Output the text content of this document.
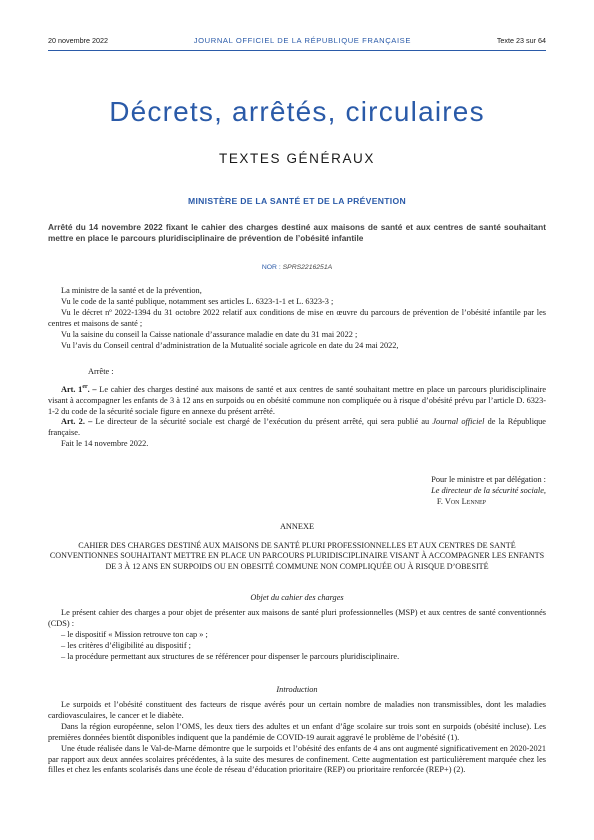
20 novembre 2022	JOURNAL OFFICIEL DE LA RÉPUBLIQUE FRANÇAISE	Texte 23 sur 64
Décrets, arrêtés, circulaires
TEXTES GÉNÉRAUX
MINISTÈRE DE LA SANTÉ ET DE LA PRÉVENTION
Arrêté du 14 novembre 2022 fixant le cahier des charges destiné aux maisons de santé et aux centres de santé souhaitant mettre en place le parcours pluridisciplinaire de prévention de l’obésité infantile
NOR : SPRS2216251A

La ministre de la santé et de la prévention,

Vu le code de la santé publique, notamment ses articles L. 6323-1-1 et L. 6323-3 ;

Vu le décret nº 2022-1394 du 31 octobre 2022 relatif aux conditions de mise en œuvre du parcours de prévention de l’obésité infantile par les centres et maisons de santé ;

Vu la saisine du conseil la Caisse nationale d’assurance maladie en date du 31 mai 2022 ;

Vu l’avis du Conseil central d’administration de la Mutualité sociale agricole en date du 24 mai 2022,

Arrête :

Art. 1er. – Le cahier des charges destiné aux maisons de santé et aux centres de santé souhaitant mettre en place un parcours pluridisciplinaire visant à accompagner les enfants de 3 à 12 ans en surpoids ou en obésité commune non compliquée ou à risque d’obésité prévu par l’article D. 6323-1-2 du code de la sécurité sociale figure en annexe du présent arrêté.

Art. 2. – Le directeur de la sécurité sociale est chargé de l’exécution du présent arrêté, qui sera publié au Journal officiel de la République française.

Fait le 14 novembre 2022.

Pour le ministre et par délégation :
Le directeur de la sécurité sociale,
F. Von Lennep
ANNEXE
CAHIER DES CHARGES DESTINÉ AUX MAISONS DE SANTÉ PLURI PROFESSIONNELLES ET AUX CENTRES DE SANTÉ CONVENTIONNES SOUHAITANT METTRE EN PLACE UN PARCOURS PLURIDISCIPLINAIRE VISANT À ACCOMPAGNER LES ENFANTS DE 3 À 12 ANS EN SURPOIDS OU EN OBESITÉ COMMUNE NON COMPLIQUÉE OU À RISQUE D’OBESITÉ
Objet du cahier des charges

Le présent cahier des charges a pour objet de présenter aux maisons de santé pluri professionnelles (MSP) et aux centres de santé conventionnés (CDS) :

– le dispositif « Mission retrouve ton cap » ;

– les critères d’éligibilité au dispositif ;

– la procédure permettant aux structures de se référencer pour dispenser le parcours pluridisciplinaire.

Introduction

Le surpoids et l’obésité constituent des facteurs de risque avérés pour un certain nombre de maladies non transmissibles, dont les maladies cardiovasculaires, le cancer et le diabète.

Dans la région européenne, selon l’OMS, les deux tiers des adultes et un enfant d’âge scolaire sur trois sont en surpoids (obésité incluse). Les premières données bientôt disponibles indiquent que la pandémie de COVID-19 aurait aggravé le problème de l’obésité (1).

Une étude réalisée dans le Val-de-Marne démontre que le surpoids et l’obésité des enfants de 4 ans ont augmenté significativement en 2020-2021 par rapport aux deux années scolaires précédentes, à la suite des mesures de confinement. Cette augmentation est particulièrement marquée chez les filles et chez les enfants scolarisés dans une école de réseau d’éducation prioritaire (REP) ou prioritaire renforcée (REP+) (2).
